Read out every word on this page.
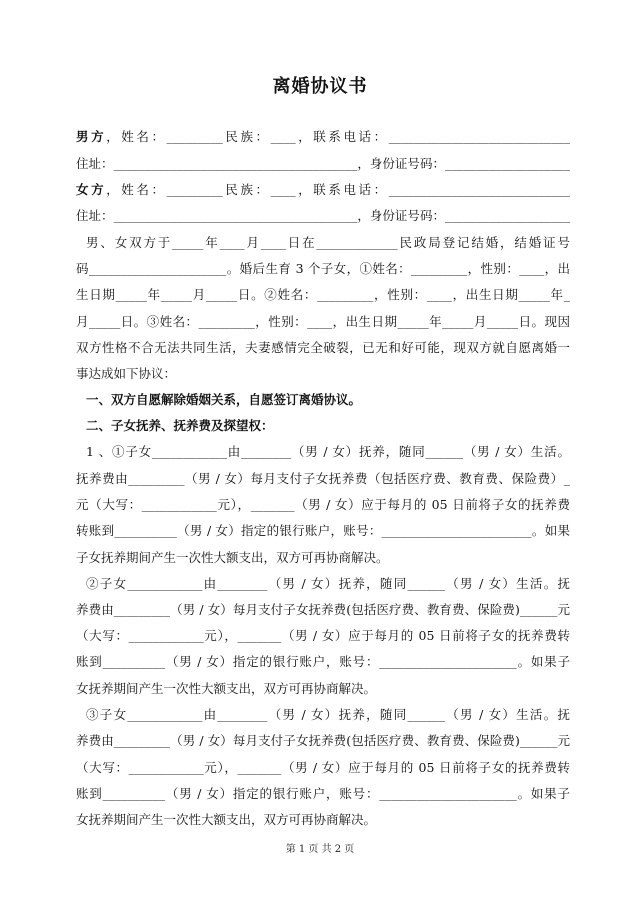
离婚协议书
男方，姓名：_________民族：____，联系电话：_____________________________
住址：_______________________________________，身份证号码：____________________
女方，姓名：_________民族：____，联系电话：_____________________________
住址：_______________________________________，身份证号码：____________________
男、女双方于_____年____月____日在_____________民政局登记结婚，结婚证号
码______________________。婚后生育 3 个子女，①姓名：_________，性别：____，出
生日期_____年_____月_____日。②姓名：_________，性别：____，出生日期_____年_
月_____日。③姓名：_________，性别：____，出生日期_____年_____月_____日。现因
双方性格不合无法共同生活，夫妻感情完全破裂，已无和好可能，现双方就自愿离婚一
事达成如下协议：
一、双方自愿解除婚姻关系，自愿签订离婚协议。
二、子女抚养、抚养费及探望权：
1 、①子女____________由________（男 / 女）抚养，随同______（男 / 女）生活。
抚养费由_________（男 / 女）每月支付子女抚养费（包括医疗费、教育费、保险费）_
元（大写：____________元），_______（男 / 女）应于每月的 05 日前将子女的抚养费
转账到__________（男 / 女）指定的银行账户，账号：________________________。如果
子女抚养期间产生一次性大额支出，双方可再协商解决。
②子女____________由________（男 / 女）抚养，随同______（男 / 女）生活。抚
养费由_________（男 / 女）每月支付子女抚养费(包括医疗费、教育费、保险费)______元
（大写：____________元），_______（男 / 女）应于每月的 05 日前将子女的抚养费转
账到__________（男 / 女）指定的银行账户，账号：______________________。如果子
女抚养期间产生一次性大额支出，双方可再协商解决。
③子女____________由________（男 / 女）抚养，随同______（男 / 女）生活。抚
养费由_________（男 / 女）每月支付子女抚养费(包括医疗费、教育费、保险费)______元
（大写：____________元），_______（男 / 女）应于每月的 05 日前将子女的抚养费转
账到__________（男 / 女）指定的银行账户，账号：______________________。如果子
女抚养期间产生一次性大额支出，双方可再协商解决。
第 1 页 共 2 页
